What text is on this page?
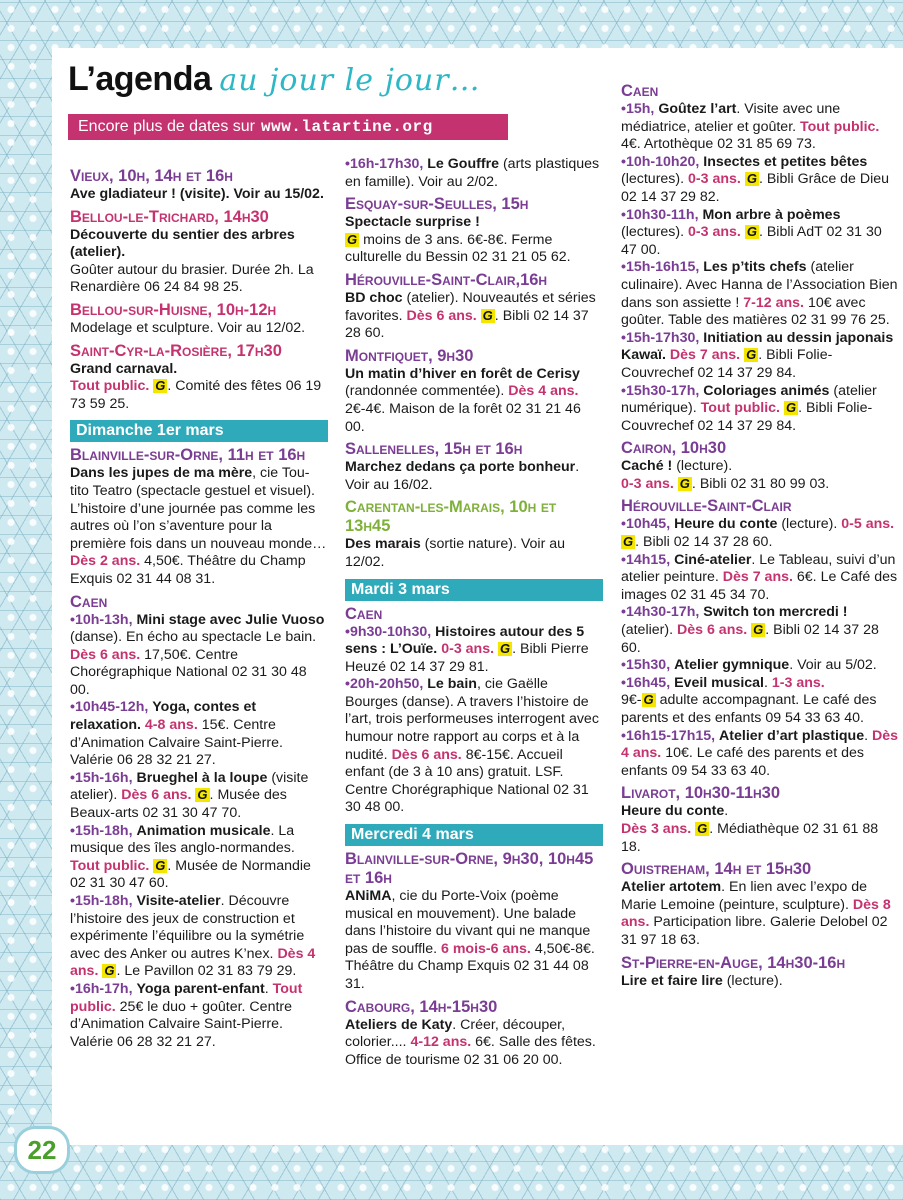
L’agenda au jour le jour…
Encore plus de dates sur www.latartine.org
Vieux, 10h, 14h et 16h

Ave gladiateur ! (visite). Voir au 15/02.

Bellou-le-Trichard, 14h30

Découverte du sentier des arbres (atelier).
Goûter autour du brasier. Durée 2h. La Renardière 06 24 84 98 25.

Bellou-sur-Huisne, 10h-12h

Modelage et sculpture. Voir au 12/02.

Saint-Cyr-la-Rosière, 17h30

Grand carnaval.
Tout public. G . Comité des fêtes 06 19 73 59 25.

Dimanche 1er mars
Blainville-sur-Orne, 11h et 16h

Dans les jupes de ma mère, cie Tou-tito Teatro (spectacle gestuel et visuel). L’histoire d’une journée pas comme les autres où l’on s’aventure pour la première fois dans un nouveau monde…
Dès 2 ans. 4,50€. Théâtre du Champ Exquis 02 31 44 08 31.

Caen

•10h-13h, Mini stage avec Julie Vuoso (danse). En écho au spectacle Le bain. Dès 6 ans. 17,50€. Centre Chorégraphique National 02 31 30 48 00.

•10h45-12h, Yoga, contes et relaxation. 4-8 ans. 15€. Centre d’Animation Calvaire Saint-Pierre. Valérie 06 28 32 21 27.

•15h-16h, Brueghel à la loupe (visite atelier). Dès 6 ans. G . Musée des Beaux-arts 02 31 30 47 70.

•15h-18h, Animation musicale. La musique des îles anglo-normandes. Tout public. G . Musée de Normandie 02 31 30 47 60.

•15h-18h, Visite-atelier. Découvre l’histoire des jeux de construction et expérimente l’équilibre ou la symétrie avec des Anker ou autres K’nex. Dès 4 ans. G . Le Pavillon 02 31 83 79 29.

•16h-17h, Yoga parent-enfant. Tout public. 25€ le duo + goûter. Centre d’Animation Calvaire Saint-Pierre. Valérie 06 28 32 21 27.

•16h-17h30, Le Gouffre (arts plastiques en famille). Voir au 2/02.

Esquay-sur-Seulles, 15h

Spectacle surprise !
G moins de 3 ans. 6€-8€. Ferme culturelle du Bessin 02 31 21 05 62.

Hérouville-Saint-Clair,16h

BD choc (atelier). Nouveautés et séries favorites. Dès 6 ans. G . Bibli 02 14 37 28 60.

Montfiquet, 9h30

Un matin d’hiver en forêt de Cerisy (randonnée commentée). Dès 4 ans. 2€-4€. Maison de la forêt 02 31 21 46 00.

Sallenelles, 15h et 16h

Marchez dedans ça porte bonheur. Voir au 16/02.

Carentan-les-Marais, 10h et 13h45

Des marais (sortie nature). Voir au 12/02.

Mardi 3 mars
Caen

•9h30-10h30, Histoires autour des 5 sens : L’Ouïe. 0-3 ans. G . Bibli Pierre Heuzé 02 14 37 29 81.

•20h-20h50, Le bain, cie Gaëlle Bourges (danse). A travers l’histoire de l’art, trois performeuses interrogent avec humour notre rapport au corps et à la nudité. Dès 6 ans. 8€-15€. Accueil enfant (de 3 à 10 ans) gratuit. LSF. Centre Chorégraphique National 02 31 30 48 00.

Mercredi 4 mars
Blainville-sur-Orne, 9h30, 10h45 et 16h

ANiMA, cie du Porte-Voix (poème musical en mouvement). Une balade dans l’histoire du vivant qui ne manque pas de souffle. 6 mois-6 ans. 4,50€-8€. Théâtre du Champ Exquis 02 31 44 08 31.

Cabourg, 14h-15h30

Ateliers de Katy. Créer, découper, colorier.... 4-12 ans. 6€. Salle des fêtes. Office de tourisme 02 31 06 20 00.

Caen

•15h, Goûtez l’art. Visite avec une médiatrice, atelier et goûter. Tout public. 4€. Artothèque 02 31 85 69 73.

•10h-10h20, Insectes et petites bêtes (lectures). 0-3 ans. G . Bibli Grâce de Dieu 02 14 37 29 82.

•10h30-11h, Mon arbre à poèmes (lectures). 0-3 ans. G . Bibli AdT 02 31 30 47 00.

•15h-16h15, Les p’tits chefs (atelier culinaire). Avec Hanna de l’Association Bien dans son assiette ! 7-12 ans. 10€ avec goûter. Table des matières 02 31 99 76 25.

•15h-17h30, Initiation au dessin japonais Kawaï. Dès 7 ans. G . Bibli Folie-Couvrechef 02 14 37 29 84.

•15h30-17h, Coloriages animés (atelier numérique). Tout public. G . Bibli Folie-Couvrechef 02 14 37 29 84.

Cairon, 10h30

Caché ! (lecture).
0-3 ans. G . Bibli 02 31 80 99 03.

Hérouville-Saint-Clair

•10h45, Heure du conte (lecture). 0-5 ans. G . Bibli 02 14 37 28 60.

•14h15, Ciné-atelier. Le Tableau, suivi d’un atelier peinture. Dès 7 ans. 6€. Le Café des images 02 31 45 34 70.

•14h30-17h, Switch ton mercredi ! (atelier). Dès 6 ans. G . Bibli 02 14 37 28 60.

•15h30, Atelier gymnique. Voir au 5/02.

•16h45, Eveil musical. 1-3 ans.
9€- G adulte accompagnant. Le café des parents et des enfants 09 54 33 63 40.

•16h15-17h15, Atelier d’art plastique. Dès 4 ans. 10€. Le café des parents et des enfants 09 54 33 63 40.

Livarot, 10h30-11h30

Heure du conte.
Dès 3 ans. G . Médiathèque 02 31 61 88 18.

Ouistreham, 14h et 15h30

Atelier artotem. En lien avec l’expo de Marie Lemoine (peinture, sculpture). Dès 8 ans. Participation libre. Galerie Delobel 02 31 97 18 63.

St-Pierre-en-Auge, 14h30-16h

Lire et faire lire (lecture).

22
